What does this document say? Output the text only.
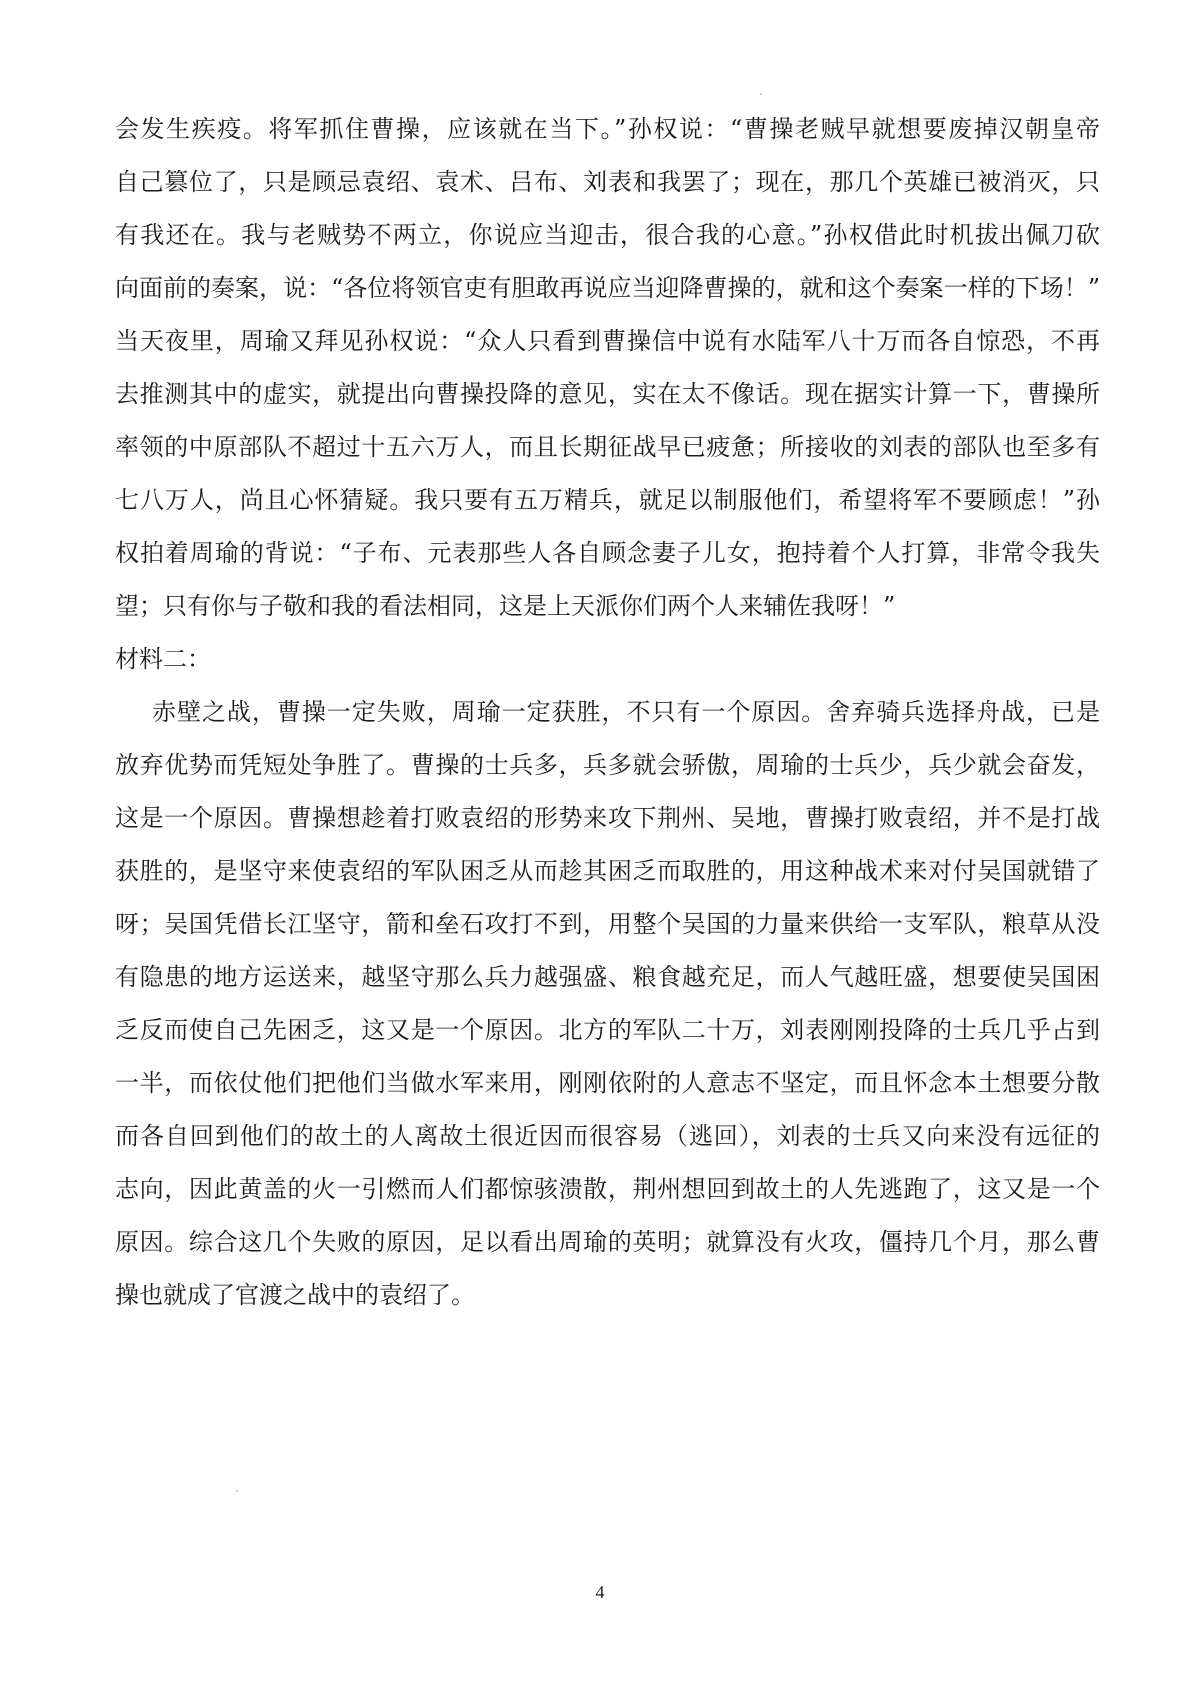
会发生疾疫。将军抓住曹操，应该就在当下。”孙权说：“曹操老贼早就想要废掉汉朝皇帝
自己篡位了，只是顾忌袁绍、袁术、吕布、刘表和我罢了；现在，那几个英雄已被消灭，只
有我还在。我与老贼势不两立，你说应当迎击，很合我的心意。”孙权借此时机拔出佩刀砍
向面前的奏案，说：“各位将领官吏有胆敢再说应当迎降曹操的，就和这个奏案一样的下场！”
当天夜里，周瑜又拜见孙权说：“众人只看到曹操信中说有水陆军八十万而各自惊恐，不再
去推测其中的虚实，就提出向曹操投降的意见，实在太不像话。现在据实计算一下，曹操所
率领的中原部队不超过十五六万人，而且长期征战早已疲惫；所接收的刘表的部队也至多有
七八万人，尚且心怀猜疑。我只要有五万精兵，就足以制服他们，希望将军不要顾虑！”孙
权拍着周瑜的背说：“子布、元表那些人各自顾念妻子儿女，抱持着个人打算，非常令我失
望；只有你与子敬和我的看法相同，这是上天派你们两个人来辅佐我呀！”
材料二：
赤壁之战，曹操一定失败，周瑜一定获胜，不只有一个原因。舍弃骑兵选择舟战，已是
放弃优势而凭短处争胜了。曹操的士兵多，兵多就会骄傲，周瑜的士兵少，兵少就会奋发，
这是一个原因。曹操想趁着打败袁绍的形势来攻下荆州、吴地，曹操打败袁绍，并不是打战
获胜的，是坚守来使袁绍的军队困乏从而趁其困乏而取胜的，用这种战术来对付吴国就错了
呀；吴国凭借长江坚守，箭和垒石攻打不到，用整个吴国的力量来供给一支军队，粮草从没
有隐患的地方运送来，越坚守那么兵力越强盛、粮食越充足，而人气越旺盛，想要使吴国困
乏反而使自己先困乏，这又是一个原因。北方的军队二十万，刘表刚刚投降的士兵几乎占到
一半，而依仗他们把他们当做水军来用，刚刚依附的人意志不坚定，而且怀念本土想要分散
而各自回到他们的故土的人离故土很近因而很容易（逃回），刘表的士兵又向来没有远征的
志向，因此黄盖的火一引燃而人们都惊骇溃散，荆州想回到故土的人先逃跑了，这又是一个
原因。综合这几个失败的原因，足以看出周瑜的英明；就算没有火攻，僵持几个月，那么曹
操也就成了官渡之战中的袁绍了。
4
